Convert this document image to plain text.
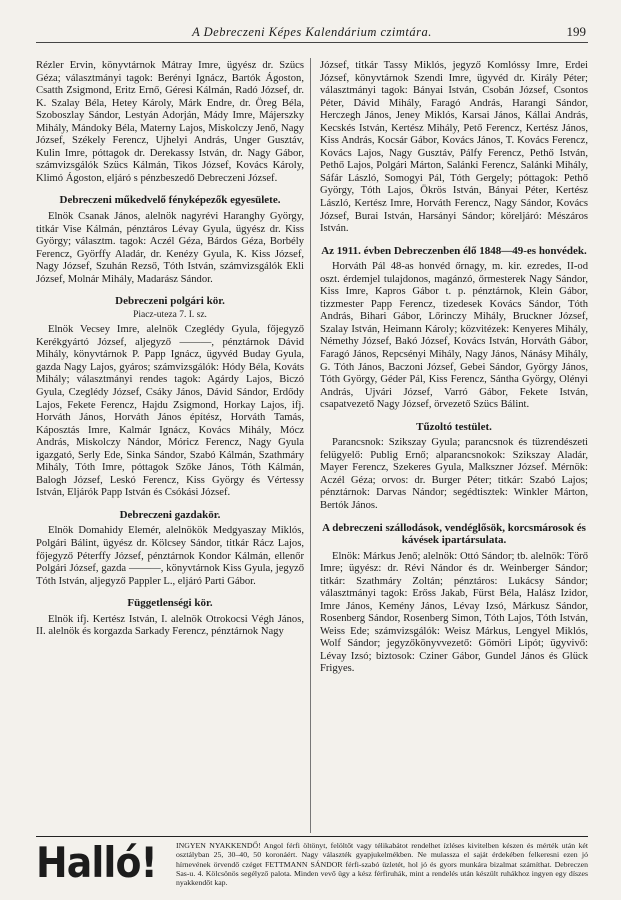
A Debreczeni Képes Kalendárium czimtára.	199

Rézler Ervin, könyvtárnok Mátray Imre, ügyész dr. Szücs Géza; választmányi tagok: Berényi Ignácz, Bartók Ágoston, Csatth Zsigmond, Eritz Ernő, Géresi Kálmán, Radó József, dr. K. Szalay Béla, Hetey Károly, Márk Endre, dr. Öreg Béla, Szoboszlay Sándor, Lestyán Adorján, Mády Imre, Májerszky Mihály, Mándoky Béla, Materny Lajos, Miskolczy Jenő, Nagy József, Székely Ferencz, Ujhelyi András, Unger Gusztáv, Kulin Imre, póttagok dr. Derekassy István, dr. Nagy Gábor, számvizsgálók Szücs Kálmán, Tikos József, Kovács Károly, Klimó Ágoston, eljáró s pénzbeszedő Debreczeni József.

Debreczeni műkedvelő fényképezők egyesülete.

Elnök Csanak János, alelnök nagyrévi Haranghy György, titkár Vise Kálmán, pénztáros Lévay Gyula, ügyész dr. Kiss György; választm. tagok: Aczél Géza, Bárdos Géza, Borbély Ferencz, Györffy Aladár, dr. Kenézy Gyula, K. Kiss József, Nagy József, Szuhán Rezső, Tóth István, számvizsgálók Ekli József, Molnár Mihály, Madarász Sándor.

Debreczeni polgári kör.
Piacz-uteza 7. I. sz.

Elnök Vecsey Imre, alelnök Czeglédy Gyula, főjegyző Kerékgyártó József, aljegyző ———, pénztárnok Dávid Mihály, könyvtárnok P. Papp Ignácz, ügyvéd Buday Gyula, gazda Nagy Lajos, gyáros; számvizsgálók: Hódy Béla, Kováts Mihály; választmányi rendes tagok: Agárdy Lajos, Biczó Gyula, Czeglédy József, Csáky János, Dávid Sándor, Erdődy Lajos, Fekete Ferencz, Hajdu Zsigmond, Horkay Lajos, ifj. Horváth János, Horváth János építész, Horváth Tamás, Káposztás Imre, Kalmár Ignácz, Kovács Mihály, Mócz András, Miskolczy Nándor, Móricz Ferencz, Nagy Gyula igazgató, Serly Ede, Sinka Sándor, Szabó Kálmán, Szathmáry Mihály, Tóth Imre, póttagok Szőke János, Tóth Kálmán, Balogh József, Leskó Ferencz, Kiss György és Vértessy István, Eljárók Papp István és Csókási József.

Debreczeni gazdakör.

Elnök Domahidy Elemér, alelnökök Medgyaszay Miklós, Polgári Bálint, ügyész dr. Kölcsey Sándor, titkár Rácz Lajos, főjegyző Péterffy József, pénztárnok Kondor Kálmán, ellenőr Polgári József, gazda ———, könyvtárnok Kiss Gyula, jegyző Tóth István, aljegyző Pappler L., eljáró Parti Gábor.

Függetlenségi kör.

Elnök ifj. Kertész István, I. alelnök Otrokocsi Végh János, II. alelnök és korgazda Sarkady Ferencz, pénztárnok Nagy

József, titkár Tassy Miklós, jegyző Komlóssy Imre, Erdei József, könyvtárnok Szendi Imre, ügyvéd dr. Király Péter; választmányi tagok: Bányai István, Csobán József, Csontos Péter, Dávid Mihály, Faragó András, Harangi Sándor, Herczegh János, Jeney Miklós, Karsai János, Kállai András, Kecskés István, Kertész Mihály, Pető Ferencz, Kertész János, Kiss András, Kocsár Gábor, Kovács János, T. Kovács Ferencz, Kovács Lajos, Nagy Gusztáv, Pálfy Ferencz, Pethő István, Pethő Lajos, Polgári Márton, Salánki Ferencz, Salánki Mihály, Sáfár László, Somogyi Pál, Tóth Gergely; póttagok: Pethő György, Tóth Lajos, Ökrös István, Bányai Péter, Kertész László, Kertész Imre, Horváth Ferencz, Nagy Sándor, Kovács József, Burai István, Harsányi Sándor; köreljáró: Mészáros István.

Az 1911. évben Debreczenben élő 1848—49-es honvédek.

Horváth Pál 48-as honvéd őrnagy, m. kir. ezredes, II-od oszt. érdemjel tulajdonos, magánzó, őrmesterek Nagy Sándor, Kiss Imre, Kapros Gábor t. p. pénztárnok, Klein Gábor, tizzmester Papp Ferencz, tizedesek Kovács Sándor, Tóth András, Bihari Gábor, Lőrinczy Mihály, Bruckner József, Szalay István, Heimann Károly; közvitézek: Kenyeres Mihály, Némethy József, Bakó József, Kovács István, Horváth Gábor, Faragó János, Repcsényi Mihály, Nagy János, Nánásy Mihály, G. Tóth János, Baczoni József, Gebei Sándor, György János, Tóth György, Géder Pál, Kiss Ferencz, Sántha György, Olényi András, Ujvári József, Varró Gábor, Fekete István, csapatvezető Nagy József, örvezető Szücs Bálint.

Tűzoltó testület.

Parancsnok: Szikszay Gyula; parancsnok és tüzrendészeti felügyelő: Publig Ernő; alparancsnokok: Szikszay Aladár, Mayer Ferencz, Szekeres Gyula, Malkszner József. Mérnök: Aczél Géza; orvos: dr. Burger Péter; titkár: Szabó Lajos; pénztárnok: Darvas Nándor; segédtisztek: Winkler Márton, Bertók János.

A debreczeni szállodások, vendéglősök, korcsmárosok és kávések ipartársulata.

Elnök: Márkus Jenő; alelnök: Ottó Sándor; tb. alelnök: Törő Imre; ügyész: dr. Révi Nándor és dr. Weinberger Sándor; titkár: Szathmáry Zoltán; pénztáros: Lukácsy Sándor; választmányi tagok: Erőss Jakab, Fürst Béla, Halász Izidor, Imre János, Kemény János, Lévay Izsó, Márkusz Sándor, Rosenberg Sándor, Rosenberg Simon, Tóth Lajos, Tóth István, Weiss Ede; számvizsgálók: Weisz Márkus, Lengyel Miklós, Wolf Sándor; jegyzőkönyvvezető: Gömöri Lipót; ügyvivő: Lévay Izsó; biztosok: Cziner Gábor, Gundel János és Glück Frigyes.

Halló! INGYEN NYAKKENDŐ! Angol férfi öltönyt, felöltőt vagy télikabátot rendelhet ízléses kivitelben készen és mérték után két osztályban 25, 30–40, 50 koronáért. Nagy választék gyapjukelmékben. Ne mulassza el saját érdekében felkeresni ezen jó hírnevének örvendő czéget FETTMANN SÁNDOR férfi-szabó üzletét, hol jó és gyors munkára bizalmat számíthat. Debreczen Sas-u. 4. Kölcsönös segélyző palota. Minden vevő ügy a kész férfiruhák, mint a rendelés után készült ruhákhoz ingyen egy díszes nyakkendőt kap.
